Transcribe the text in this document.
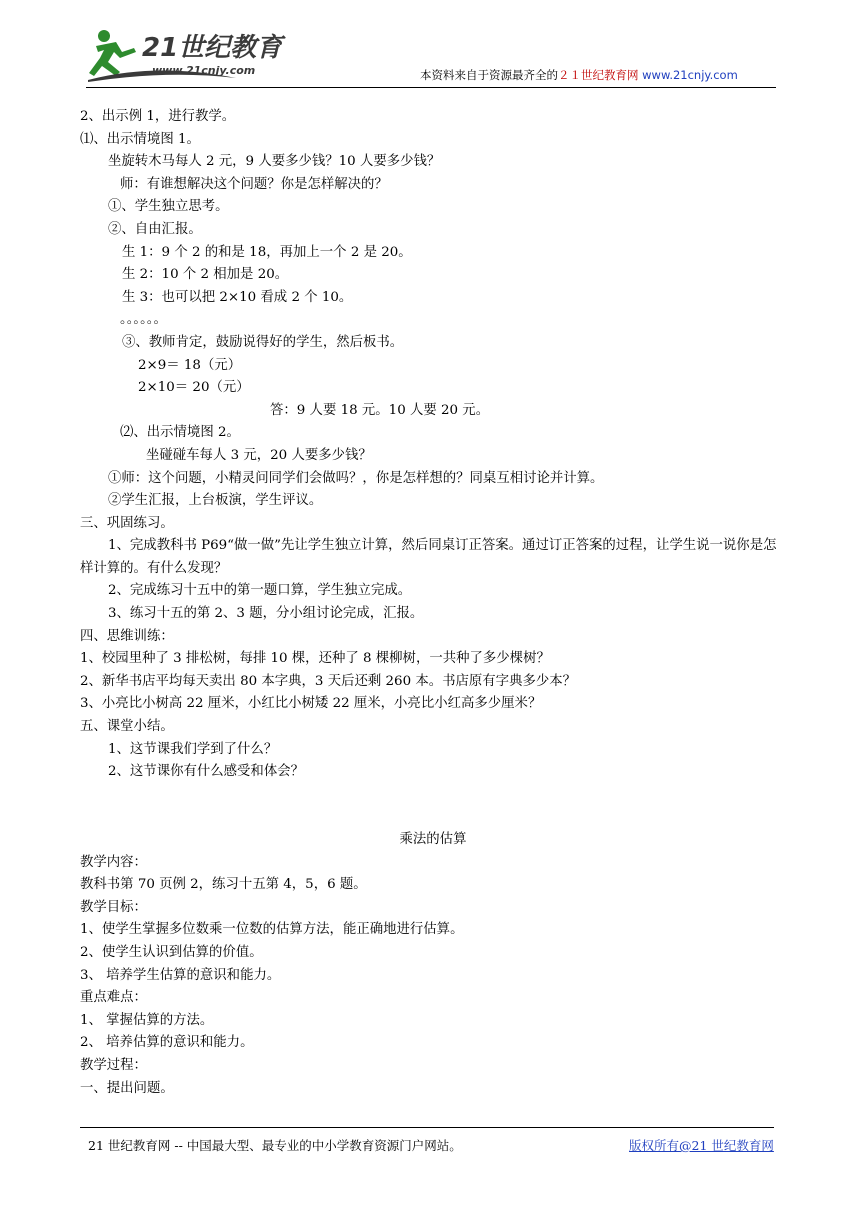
21世纪教育
www.21cnjy.com	本资料来自于资源最齐全的２１世纪教育网 www.21cnjy.com
2、出示例 1，进行教学。
⑴、出示情境图 1。
坐旋转木马每人 2 元，9 人要多少钱？10 人要多少钱？
师：有谁想解决这个问题？你是怎样解决的？
①、学生独立思考。
②、自由汇报。
生 1：9 个 2 的和是 18，再加上一个 2 是 20。
生 2：10 个 2 相加是 20。
生 3：也可以把 2×10 看成 2 个 10。
。。。。。。
③、教师肯定，鼓励说得好的学生，然后板书。
2×9＝ 18（元）
2×10＝ 20（元）
答：9 人要 18 元。10 人要 20 元。
⑵、出示情境图 2。
坐碰碰车每人 3 元，20 人要多少钱？
①师：这个问题，小精灵问同学们会做吗？，你是怎样想的？同桌互相讨论并计算。
②学生汇报，上台板演，学生评议。
三、巩固练习。
1、完成教科书 P69“做一做”先让学生独立计算，然后同桌订正答案。通过订正答案的过程，让学生说一说你是怎样计算的。有什么发现？
2、完成练习十五中的第一题口算，学生独立完成。
3、练习十五的第 2、3 题，分小组讨论完成，汇报。
四、思维训练：
1、校园里种了 3 排松树，每排 10 棵，还种了 8 棵柳树，一共种了多少棵树？
2、新华书店平均每天卖出 80 本字典，3 天后还剩 260 本。书店原有字典多少本？
3、小亮比小树高 22 厘米，小红比小树矮 22 厘米，小亮比小红高多少厘米？
五、课堂小结。
1、这节课我们学到了什么？
2、这节课你有什么感受和体会？
乘法的估算
教学内容：
教科书第 70 页例 2，练习十五第 4，5，6 题。
教学目标：
1、使学生掌握多位数乘一位数的估算方法，能正确地进行估算。
2、使学生认识到估算的价值。
3、 培养学生估算的意识和能力。
重点难点：
1、 掌握估算的方法。
2、 培养估算的意识和能力。
教学过程：
一、提出问题。
21 世纪教育网 -- 中国最大型、最专业的中小学教育资源门户网站。	版权所有@21 世纪教育网
